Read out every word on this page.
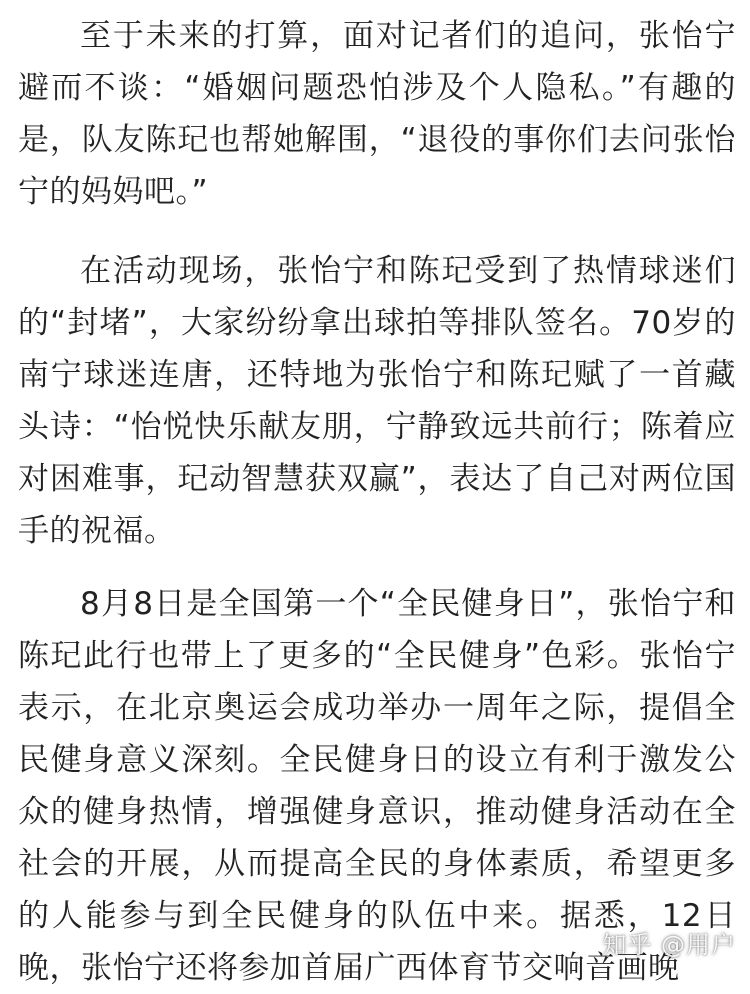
至于未来的打算，面对记者们的追问，张怡宁避而不谈：“婚姻问题恐怕涉及个人隐私。”有趣的是，队友陈玘也帮她解围，“退役的事你们去问张怡宁的妈妈吧。”

在活动现场，张怡宁和陈玘受到了热情球迷们的“封堵”，大家纷纷拿出球拍等排队签名。70岁的南宁球迷连唐，还特地为张怡宁和陈玘赋了一首藏头诗：“怡悦快乐献友朋，宁静致远共前行；陈着应对困难事，玘动智慧获双赢”，表达了自己对两位国手的祝福。

8月8日是全国第一个“全民健身日”，张怡宁和陈玘此行也带上了更多的“全民健身”色彩。张怡宁表示，在北京奥运会成功举办一周年之际，提倡全民健身意义深刻。全民健身日的设立有利于激发公众的健身热情，增强健身意识，推动健身活动在全社会的开展，从而提高全民的身体素质，希望更多的人能参与到全民健身的队伍中来。据悉，12日晚，张怡宁还将参加首届广西体育节交响音画晚

知乎 @用户
